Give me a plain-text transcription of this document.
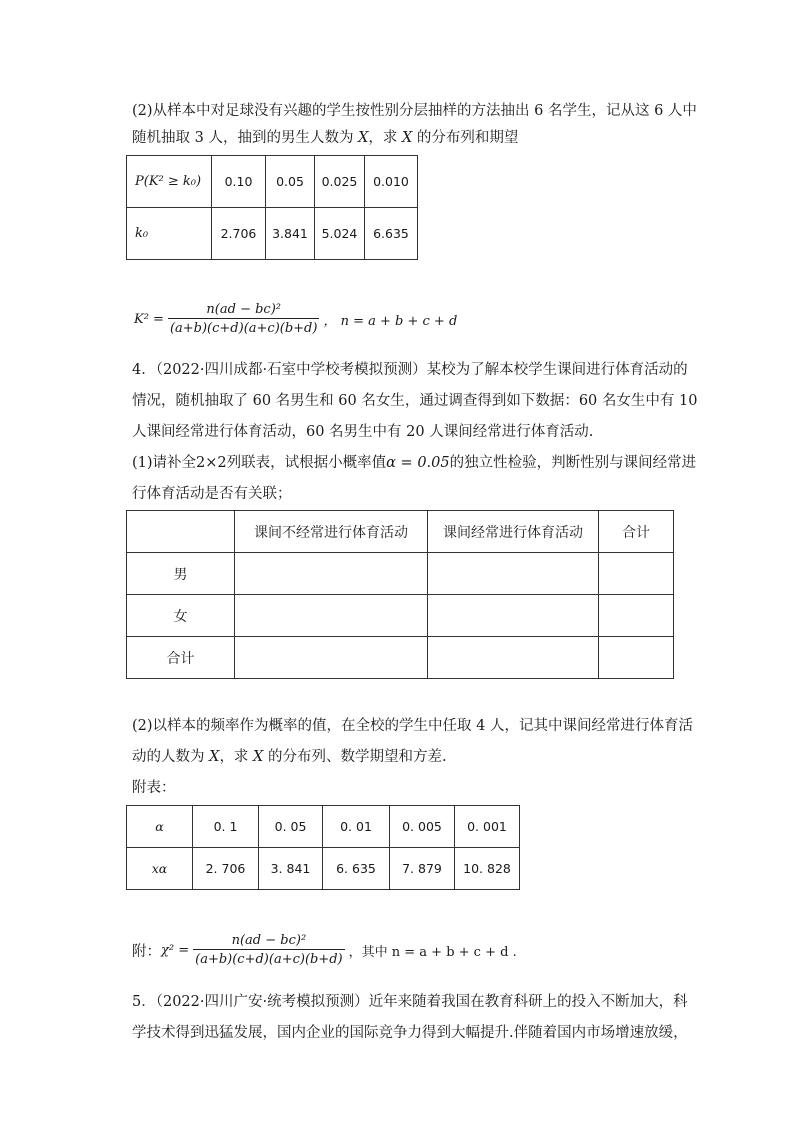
(2)从样本中对足球没有兴趣的学生按性别分层抽样的方法抽出 6 名学生，记从这 6 人中

随机抽取 3 人，抽到的男生人数为 X，求 X 的分布列和期望

P(K² ≥ k₀)	0.10	0.05	0.025	0.010
k₀	2.706	3.841	5.024	6.635
$K^2 = \frac{\text{n(ad − bc)²}}{(a+b)(c+d)(a+c)(b+d)}$ ， n = a + b + c + d

4．（2022·四川成都·石室中学校考模拟预测）某校为了解本校学生课间进行体育活动的

情况，随机抽取了 60 名男生和 60 名女生，通过调查得到如下数据：60 名女生中有 10

人课间经常进行体育活动，60 名男生中有 20 人课间经常进行体育活动.

(1)请补全2×2列联表，试根据小概率值α = 0.05的独立性检验，判断性别与课间经常进

行体育活动是否有关联；

	课间不经常进行体育活动	课间经常进行体育活动	合计
男			
女			
合计			

(2)以样本的频率作为概率的值，在全校的学生中任取 4 人，记其中课间经常进行体育活

动的人数为 X，求 X 的分布列、数学期望和方差.

附表：

α	0. 1	0. 05	0. 01	0. 005	0. 001
xα	2. 706	3. 841	6. 635	7. 879	10. 828
附： $\chi^2 = \frac{\text{n(ad − bc)²}}{(a+b)(c+d)(a+c)(b+d)}$ ，其中 n = a + b + c + d .

5．（2022·四川广安·统考模拟预测）近年来随着我国在教育科研上的投入不断加大，科

学技术得到迅猛发展，国内企业的国际竞争力得到大幅提升.伴随着国内市场增速放缓，
